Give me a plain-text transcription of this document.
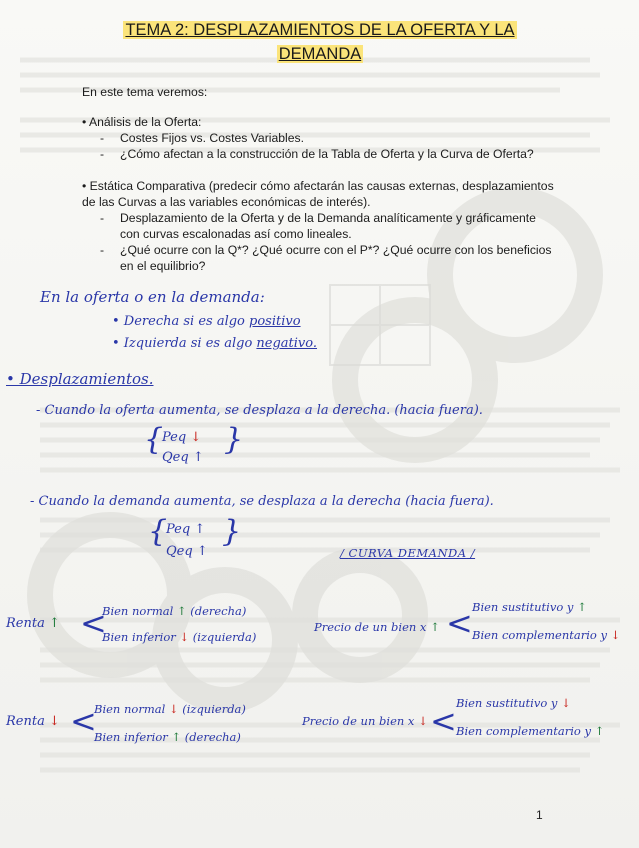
TEMA 2: DESPLAZAMIENTOS DE LA OFERTA Y LA
DEMANDA
En este tema veremos:
• Análisis de la Oferta:
- Costes Fijos vs. Costes Variables.
- ¿Cómo afectan a la construcción de la Tabla de Oferta y la Curva de Oferta?
• Estática Comparativa (predecir cómo afectarán las causas externas, desplazamientos
de las Curvas a las variables económicas de interés).
- Desplazamiento de la Oferta y de la Demanda analíticamente y gráficamente
con curvas escalonadas así como lineales.
- ¿Qué ocurre con la Q*? ¿Qué ocurre con el P*? ¿Qué ocurre con los beneficios
en el equilibrio?
En la oferta o en la demanda:
• Derecha si es algo positivo
• Izquierda si es algo negativo.
• Desplazamientos.
- Cuando la oferta aumenta, se desplaza a la derecha. (hacia fuera).
{
Peq ↓
Qeq ↑
}
- Cuando la demanda aumenta, se desplaza a la derecha (hacia fuera).
{
Peq ↑
Qeq ↑
}
/ CURVA DEMANDA /
Renta ↑ <
Bien normal ↑ (derecha)
Bien inferior ↓ (izquierda)
Precio de un bien x ↑ < Bien sustitutivo y ↑
Bien complementario y ↓
Renta ↓ <
Bien normal ↓ (izquierda)
Bien inferior ↑ (derecha)
Precio de un bien x ↓ < Bien sustitutivo y ↓
Bien complementario y ↑
1
